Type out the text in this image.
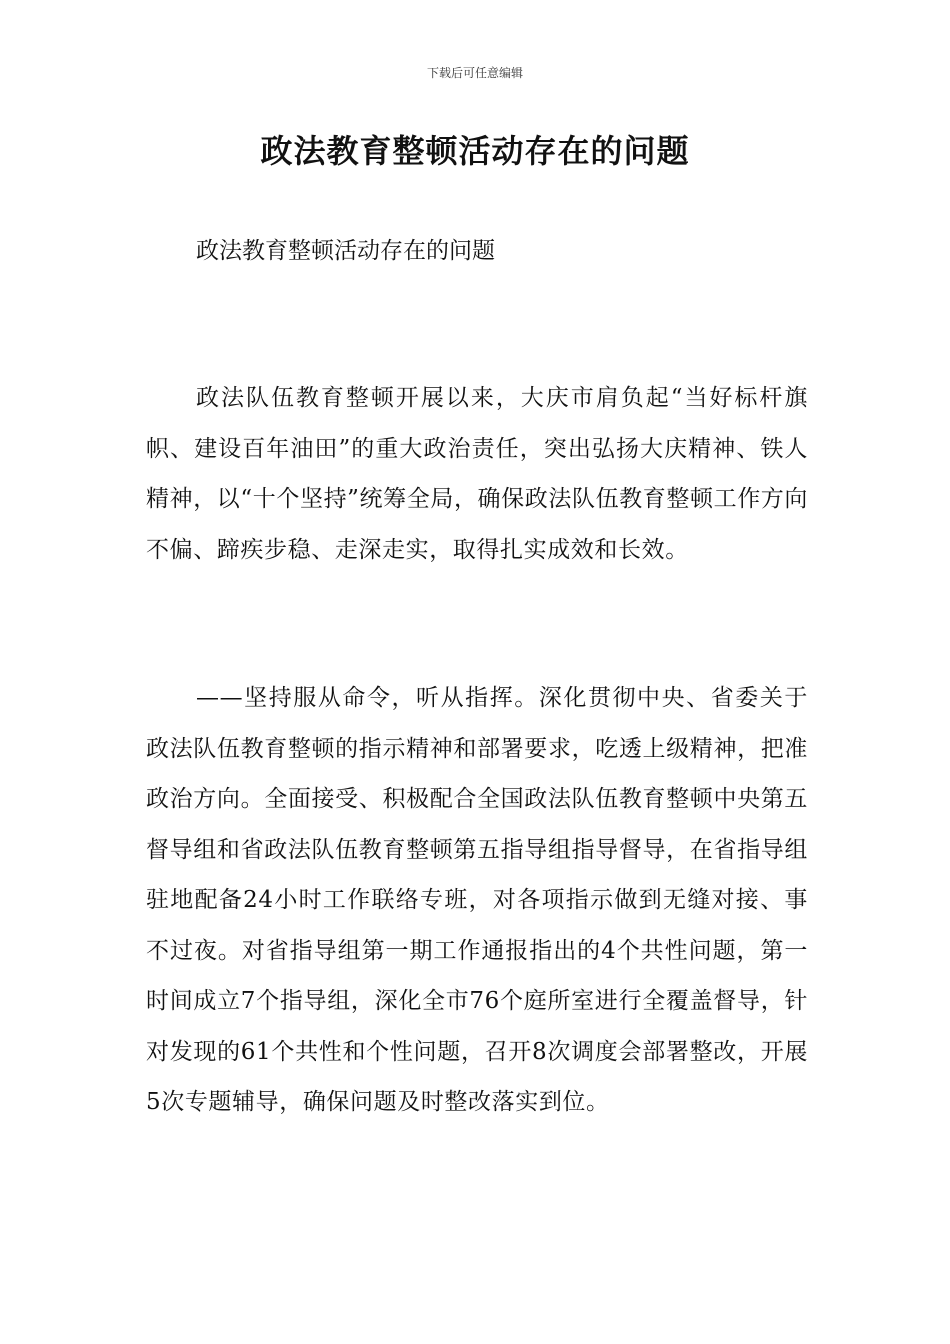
下载后可任意编辑
政法教育整顿活动存在的问题

政法教育整顿活动存在的问题

政法队伍教育整顿开展以来，大庆市肩负起“当好标杆旗帜、建设百年油田”的重大政治责任，突出弘扬大庆精神、铁人精神，以“十个坚持”统筹全局，确保政法队伍教育整顿工作方向不偏、蹄疾步稳、走深走实，取得扎实成效和长效。

——坚持服从命令，听从指挥。深化贯彻中央、省委关于政法队伍教育整顿的指示精神和部署要求，吃透上级精神，把准政治方向。全面接受、积极配合全国政法队伍教育整顿中央第五督导组和省政法队伍教育整顿第五指导组指导督导，在省指导组驻地配备24小时工作联络专班，对各项指示做到无缝对接、事不过夜。对省指导组第一期工作通报指出的4个共性问题，第一时间成立7个指导组，深化全市76个庭所室进行全覆盖督导，针对发现的61个共性和个性问题，召开8次调度会部署整改，开展5次专题辅导，确保问题及时整改落实到位。
